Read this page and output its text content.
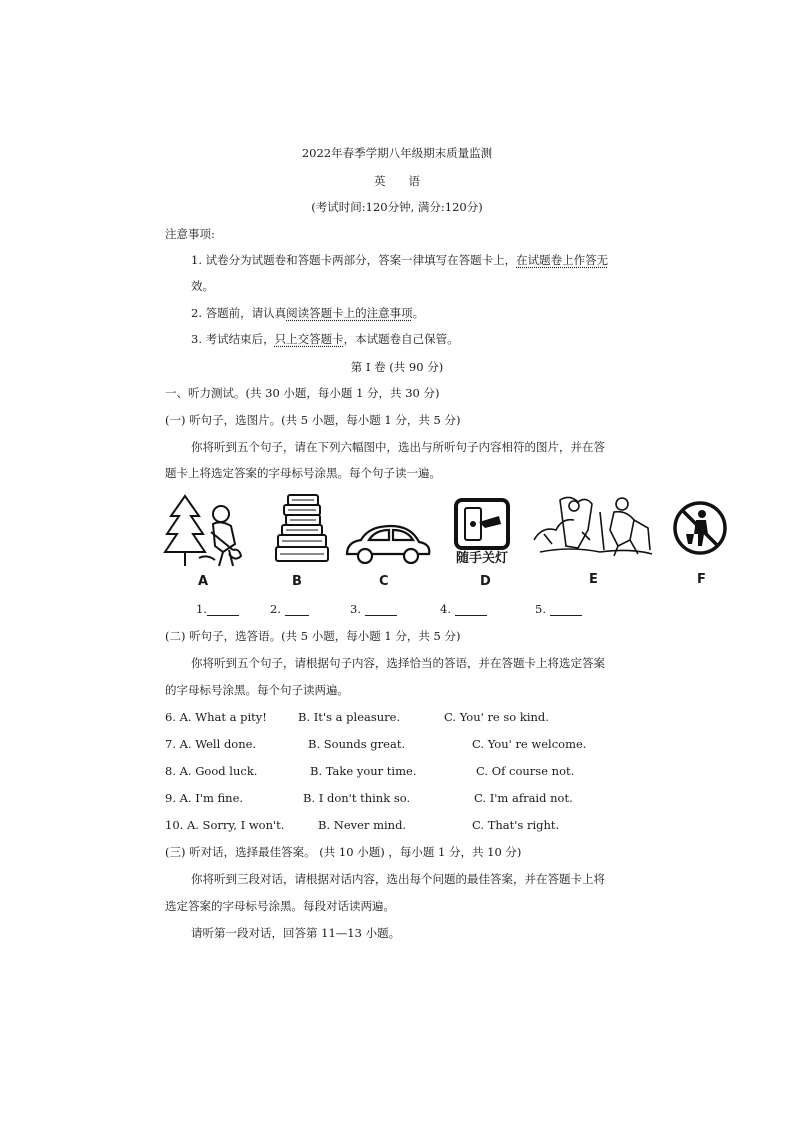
2022年春季学期八年级期末质量监测
英　　语
(考试时间:120分钟, 满分:120分)
注意事项:
1. 试卷分为试题卷和答题卡两部分，答案一律填写在答题卡上，在试题卷上作答无
效。
2. 答题前，请认真阅读答题卡上的注意事项。
3. 考试结束后，只上交答题卡，本试题卷自己保管。
第 I 卷 (共 90 分)
一、听力测试。(共 30 小题，每小题 1 分，共 30 分)
(一) 听句子，选图片。(共 5 小题，每小题 1 分，共 5 分)
你将听到五个句子，请在下列六幅图中，选出与所听句子内容相符的图片，并在答
题卡上将选定答案的字母标号涂黑。每个句子读一遍。
随手关灯
A	B	C	D	E	F
1.	2.	3.	4.	5.
(二) 听句子，选答语。(共 5 小题，每小题 1 分，共 5 分)
你将听到五个句子，请根据句子内容，选择恰当的答语，并在答题卡上将选定答案
的字母标号涂黑。每个句子读两遍。
6. A. What a pity!	B. It's a pleasure.	C. You' re so kind.
7. A. Well done.	B. Sounds great.	C. You' re welcome.
8. A. Good luck.	B. Take your time.	C. Of course not.
9. A. I'm fine.	B. I don't think so.	C. I'm afraid not.
10. A. Sorry, I won't.	B. Never mind.	C. That's right.
(三) 听对话，选择最佳答案。 (共 10 小题) ，每小题 1 分，共 10 分)
你将听到三段对话，请根据对话内容，选出每个问题的最佳答案，并在答题卡上将
选定答案的字母标号涂黑。每段对话读两遍。
请听第一段对话，回答第 11—13 小题。
